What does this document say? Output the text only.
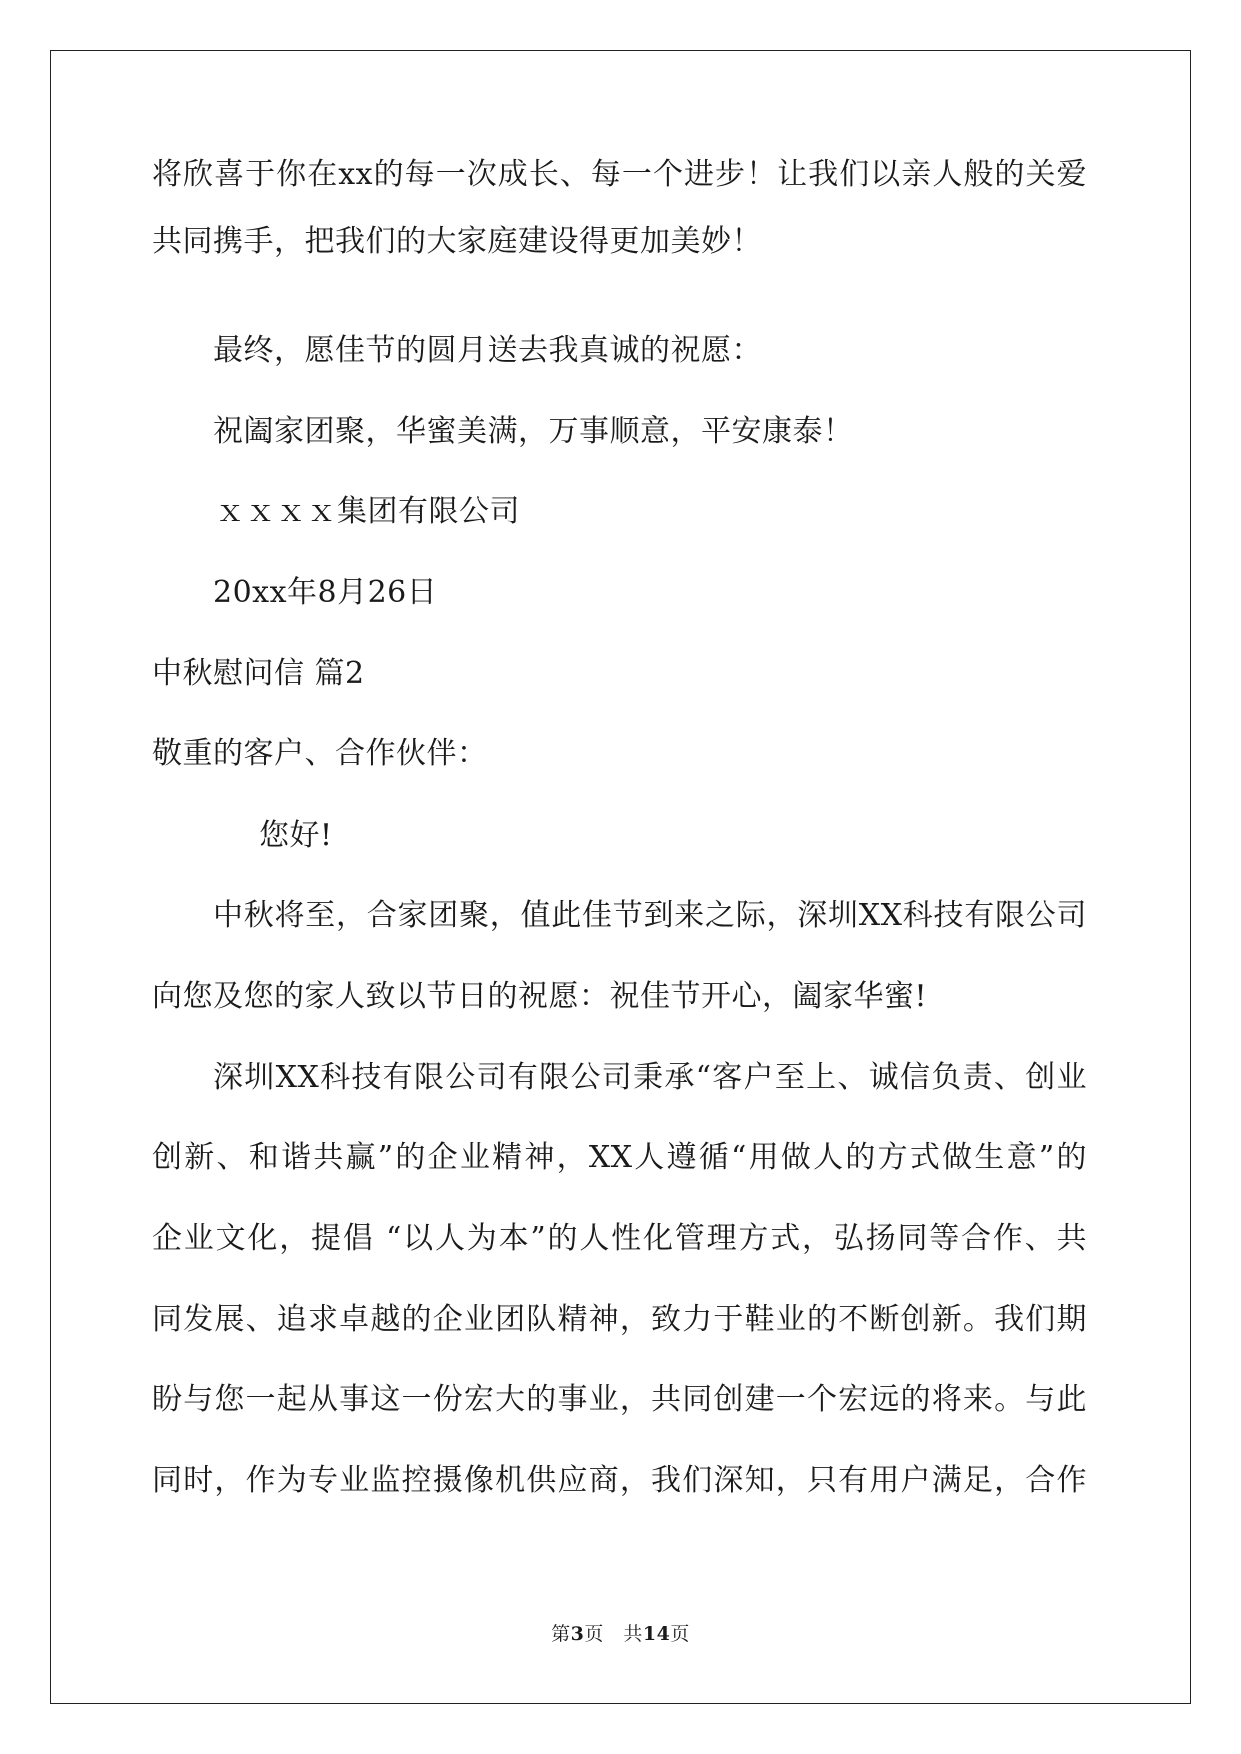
将欣喜于你在xx的每一次成长、每一个进步！让我们以亲人般的关爱
共同携手，把我们的大家庭建设得更加美妙！
最终，愿佳节的圆月送去我真诚的祝愿：
祝阖家团聚，华蜜美满，万事顺意，平安康泰！
ｘｘｘｘ集团有限公司
20xx年8月26日
中秋慰问信 篇2
敬重的客户、合作伙伴：
您好!
中秋将至，合家团聚，值此佳节到来之际，深圳XX科技有限公司
向您及您的家人致以节日的祝愿：祝佳节开心，阖家华蜜!
深圳XX科技有限公司有限公司秉承“客户至上、诚信负责、创业
创新、和谐共赢”的企业精神，XX人遵循“用做人的方式做生意”的
企业文化，提倡 “以人为本”的人性化管理方式，弘扬同等合作、共
同发展、追求卓越的企业团队精神，致力于鞋业的不断创新。我们期
盼与您一起从事这一份宏大的事业，共同创建一个宏远的将来。与此
同时，作为专业监控摄像机供应商，我们深知，只有用户满足，合作
第3页　共14页
